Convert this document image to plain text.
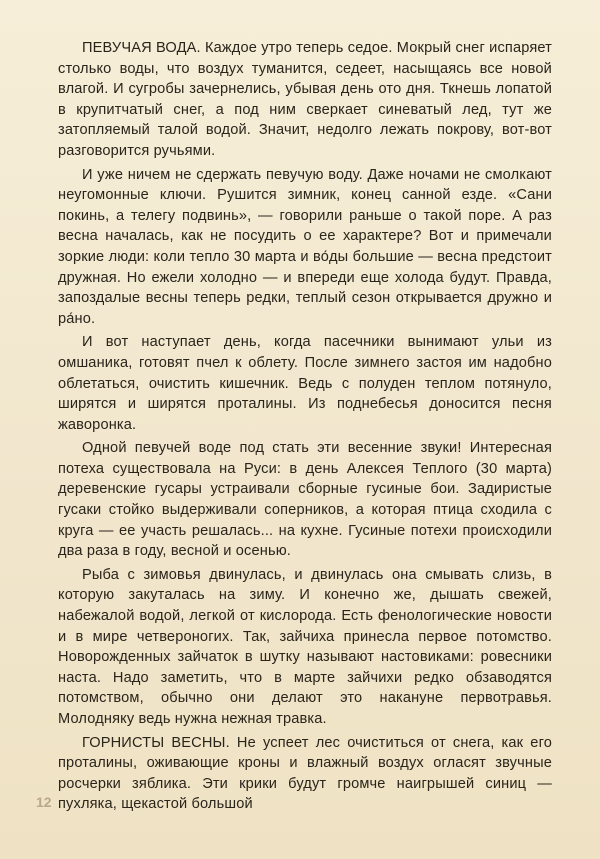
ПЕВУЧАЯ ВОДА. Каждое утро теперь седое. Мокрый снег испаряет столько воды, что воздух туманится, седеет, насыщаясь все новой влагой. И сугробы зачернелись, убывая день ото дня. Ткнешь лопатой в крупитчатый снег, а под ним сверкает синеватый лед, тут же затопляемый талой водой. Значит, недолго лежать покрову, вот-вот разговорится ручьями.

И уже ничем не сдержать певучую воду. Даже ночами не смолкают неугомонные ключи. Рушится зимник, конец санной езде. «Сани покинь, а телегу подвинь», — говорили раньше о такой поре. А раз весна началась, как не посудить о ее характере? Вот и примечали зоркие люди: коли тепло 30 марта и во́ды большие — весна предстоит дружная. Но ежели холодно — и впереди еще холода будут. Правда, запоздалые весны теперь редки, теплый сезон открывается дружно и ра́но.

И вот наступает день, когда пасечники вынимают ульи из омшаника, готовят пчел к облету. После зимнего застоя им надобно облетаться, очистить кишечник. Ведь с полуден теплом потянуло, ширятся и ширятся проталины. Из поднебесья доносится песня жаворонка.

Одной певучей воде под стать эти весенние звуки! Интересная потеха существовала на Руси: в день Алексея Теплого (30 марта) деревенские гусары устраивали сборные гусиные бои. Задиристые гусаки стойко выдерживали соперников, а которая птица сходила с круга — ее участь решалась... на кухне. Гусиные потехи происходили два раза в году, весной и осенью.

Рыба с зимовья двинулась, и двинулась она смывать слизь, в которую закуталась на зиму. И конечно же, дышать свежей, набежалой водой, легкой от кислорода. Есть фенологические новости и в мире четвероногих. Так, зайчиха принесла первое потомство. Новорожденных зайчаток в шутку называют настовиками: ровесники наста. Надо заметить, что в марте зайчихи редко обзаводятся потомством, обычно они делают это накануне первотравья. Молодняку ведь нужна нежная травка.

ГОРНИСТЫ ВЕСНЫ. Не успеет лес очиститься от снега, как его проталины, оживающие кроны и влажный воздух огласят звучные росчерки зяблика. Эти крики будут громче наигрышей синиц — пухляка, щекастой большой

12
